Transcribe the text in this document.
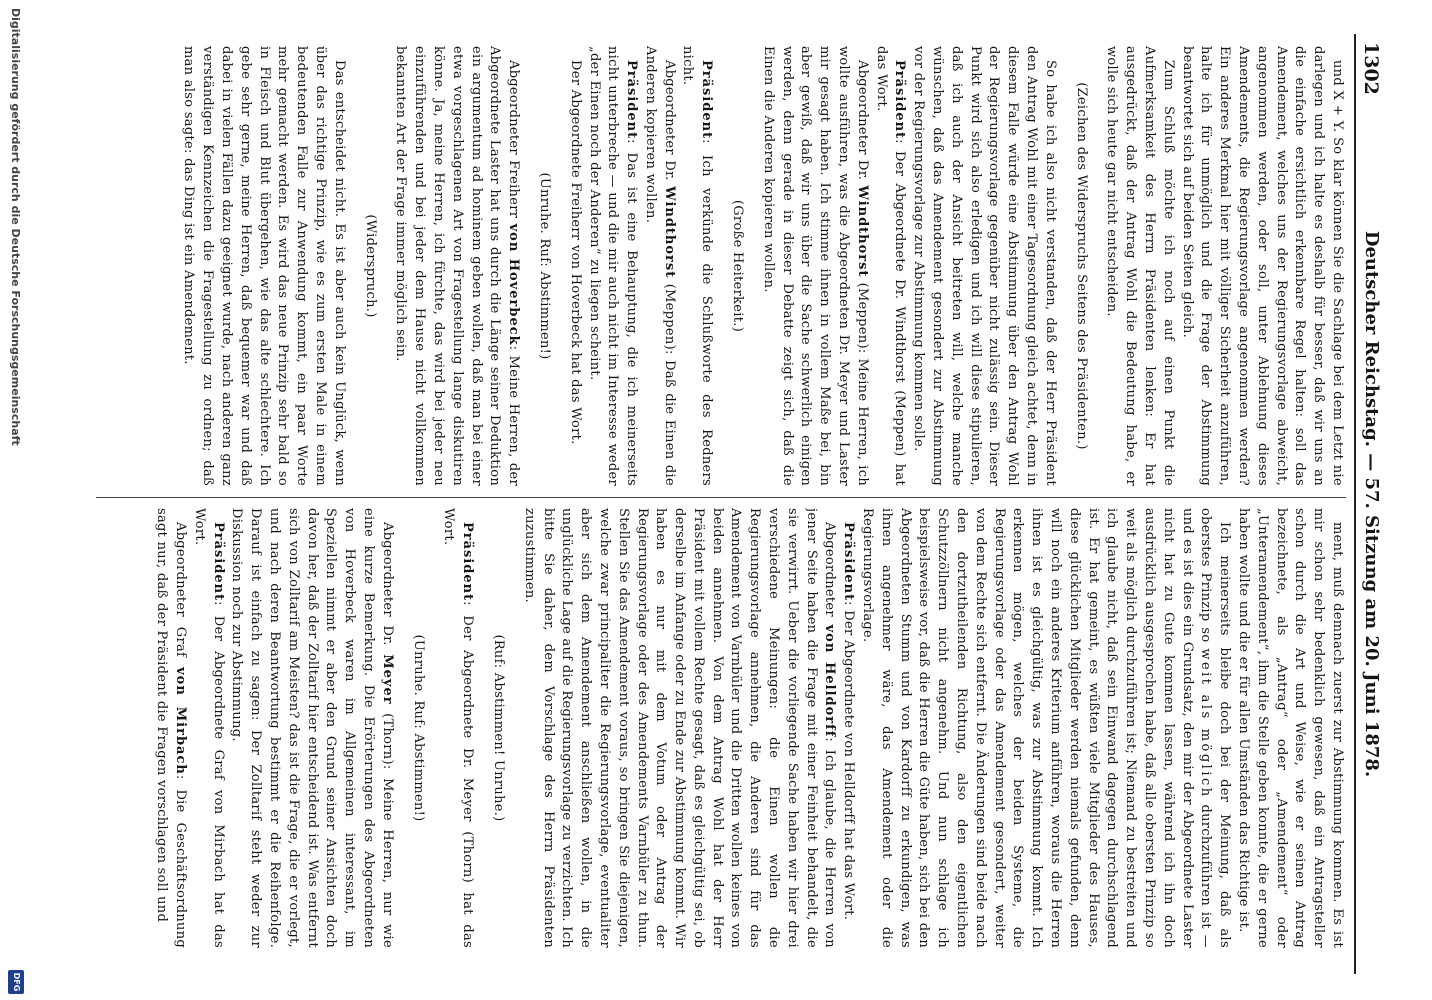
1302
Deutscher Reichstag. — 57. Sitzung am 20. Juni 1878.

und X + Y. So klar können Sie die Sachlage bei dem Letzt nie darlegen und ich halte es deshalb für besser, daß wir uns an die einfache ersichtlich erkennbare Regel halten: soll das Amendement, welches uns der Regierungsvorlage abweicht, angenommen werden, oder soll, unter Ablehnung dieses Amendements, die Regierungsvorlage angenommen werden? Ein anderes Merkmal hier mit völliger Sicherheit anzuführen, halte ich für unmöglich und die Frage der Abstimmung beantwortet sich auf beiden Seiten gleich.

Zum Schluß möchte ich noch auf einen Punkt die Aufmerksamkeit des Herrn Präsidenten lenken: Er hat ausgedrückt, daß der Antrag Wohl die Bedeutung habe, er wolle sich heute gar nicht entscheiden.

(Zeichen des Widerspruchs Seitens des Präsidenten.)

So habe ich also nicht verstanden, daß der Herr Präsident den Antrag Wohl mit einer Tagesordnung gleich achtet, denn in diesem Falle würde eine Abstimmung über den Antrag Wohl der Regierungsvorlage gegenüber nicht zulässig sein. Dieser Punkt wird sich also erledigen und ich will diese stipulieren, daß ich auch der Ansicht beitreten will, welche manche wünschen, daß das Amendement gesondert zur Abstimmung vor der Regierungsvorlage zur Abstimmung kommen solle.

Präsident: Der Abgeordnete Dr. Windthorst (Meppen) hat das Wort.

Abgeordneter Dr. Windthorst (Meppen): Meine Herren, ich wollte ausführen, was die Abgeordneten Dr. Meyer und Laster mir gesagt haben. Ich stimme ihnen in vollem Maße bei, bin aber gewiß, daß wir uns über die Sache schwerlich einigen werden, denn gerade in dieser Debatte zeigt sich, daß die Einen die Anderen kopieren wollen.

(Große Heiterkeit.)

Präsident: Ich verkünde die Schlußworte des Redners nicht.

Abgeordneter Dr. Windthorst (Meppen): Daß die Einen die Anderen kopieren wollen.

Präsident: Das ist eine Behauptung, die ich meinerseits nicht unterbreche — und die mir auch nicht im Interesse weder „der Einen noch der Anderen“ zu liegen scheint.

Der Abgeordnete Freiherr von Hoverbeck hat das Wort.

(Unruhe. Ruf: Abstimmen!)

Abgeordneter Freiherr von Hoverbeck: Meine Herren, der Abgeordnete Laster hat uns durch die Länge seiner Deduktion ein argumentum ad hominem geben wollen, daß man bei einer etwa vorgeschlagenen Art von Fragestellung lange diskutiren könne. Ja, meine Herren, ich fürchte, das wird bei jeder neu einzuführenden und bei jeder dem Hause nicht vollkommen bekannten Art der Frage immer möglich sein.

(Widerspruch.)

Das entscheidet nicht. Es ist aber auch kein Unglück, wenn über das richtige Prinzip, wie es zum ersten Male in einem bedeutenden Falle zur Anwendung kommt, ein paar Worte mehr gemacht werden. Es wird das neue Prinzip sehr bald so in Fleisch und Blut übergehen, wie das alte schlechtere. Ich gebe sehr gerne, meine Herren, daß bequemer war und daß dabei in vielen Fällen dazu geeignet wurde, nach anderen ganz verständigen Kennzeichen die Fragestellung zu ordnen; daß man also sagte: das Ding ist ein Amendement.

ment, muß demnach zuerst zur Abstimmung kommen. Es ist mir schon sehr bedenklich gewesen, daß ein Antragsteller schon durch die Art und Weise, wie er seinen Antrag bezeichnete, als „Antrag“ oder „Amendement“ oder „Unteramendement“, ihm die Stelle geben konnte, die er gerne haben wollte und die er für allen Umständen das Richtige ist.

Ich meinerseits bleibe doch bei der Meinung, daß als oberstes Prinzip so weit als möglich durchzuführen ist — und es ist dies ein Grundsatz, den mir der Abgeordnete Laster nicht hat zu Gute kommen lassen, während ich ihn doch ausdrücklich ausgesprochen habe, daß alle obersten Prinzip so weit als möglich durchzuführen ist; Niemand zu bestreiten und ich glaube nicht, daß sein Einwand dagegen durchschlagend ist. Er hat gemeint, es wüßten viele Mitglieder des Hauses, diese glücklichen Mitglieder werden niemals gefunden, denn will noch ein anderes Kriterium anführen, woraus die Herren ihnen ist es gleichgültig, was zur Abstimmung kommt. Ich erkennen mögen, welches der beiden Systeme, die Regierungsvorlage oder das Amendement gesondert, weiter von dem Rechte sich entfernt. Die Änderungen sind beide nach den dortzutheilenden Richtung, also den eigentlichen Schutzzöllnern nicht angenehm. Und nun schlage ich beispielsweise vor, daß die Herren die Güte haben, sich bei den Abgeordneten Stumm und von Kardorff zu erkundigen, was ihnen angenehmer wäre, das Amendement oder die Regierungsvorlage.

Präsident: Der Abgeordnete von Helldorff hat das Wort.

Abgeordneter von Helldorff: Ich glaube, die Herren von jener Seite haben die Frage mit einer Feinheit behandelt, die sie verwirrt. Ueber die vorliegende Sache haben wir hier drei verschiedene Meinungen: die Einen wollen die Regierungsvorlage annehmen, die Anderen sind für das Amendement von Varnbüler und die Dritten wollen keines von beiden annehmen. Von dem Antrag Wohl hat der Herr Präsident mit vollem Rechte gesagt, daß es gleichgültig sei, ob derselbe im Anfange oder zu Ende zur Abstimmung kommt. Wir haben es nur mit dem Votum oder Antrag der Regierungsvorlage oder des Amendements Varnbüler zu thun. Stellen Sie das Amendement voraus, so bringen Sie diejenigen, welche zwar principaliter die Regierungsvorlage, eventualiter aber sich dem Amendement anschließen wollen, in die unglückliche Lage auf die Regierungsvorlage zu verzichten. Ich bitte Sie daher, dem Vorschlage des Herrn Präsidenten zuzustimmen.

(Ruf: Abstimmen! Unruhe.)

Präsident: Der Abgeordnete Dr. Meyer (Thorn) hat das Wort.

(Unruhe. Ruf: Abstimmen!)

Abgeordneter Dr. Meyer (Thorn): Meine Herren, nur wie eine kurze Bemerkung. Die Erörterungen des Abgeordneten von Hoverbeck waren im Allgemeinen interessant, im Speziellen nimmt er aber den Grund seiner Ansichten doch davon her, daß der Zolltarif hier entscheidend ist. Was entfernt sich von Zolltarif am Meisten? das ist die Frage, die er vorlegt, und nach deren Beantwortung bestimmt er die Reihenfolge. Darauf ist einfach zu sagen: Der Zolltarif steht weder zur Diskussion noch zur Abstimmung.

Präsident: Der Abgeordnete Graf von Mirbach hat das Wort.

Abgeordneter Graf von Mirbach: Die Geschäftsordnung sagt nur, daß der Präsident die Fragen vorschlagen soll und

Digitalisierung gefördert durch die Deutsche Forschungsgemeinschaft
DFG
